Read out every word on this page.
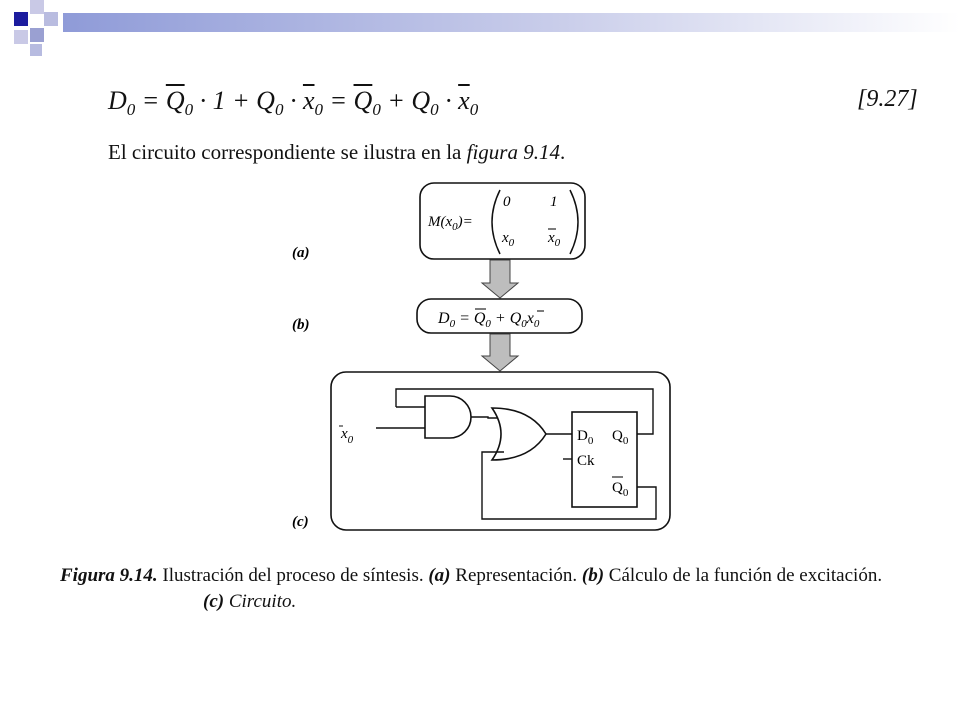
$D_0 = \overline{Q}_0 \cdot 1 + Q_0 \cdot \overline{x}_0 = \overline{Q}_0 + Q_0 \cdot \overline{x}_0$	[9.27]
El circuito correspondiente se ilustra en la figura 9.14.
(a)
(b)
(c)
$M(x_0)=$
0	1
$x_0$ $x_0$
$D_0 = Q_0 + Q_0x_0$
$x_0$	$D_0$ $Q_0$
Ck
$Q_0$
Figura 9.14. Ilustración del proceso de síntesis. (a) Representación. (b) Cálculo de la función de excitación.
(c) Circuito.
